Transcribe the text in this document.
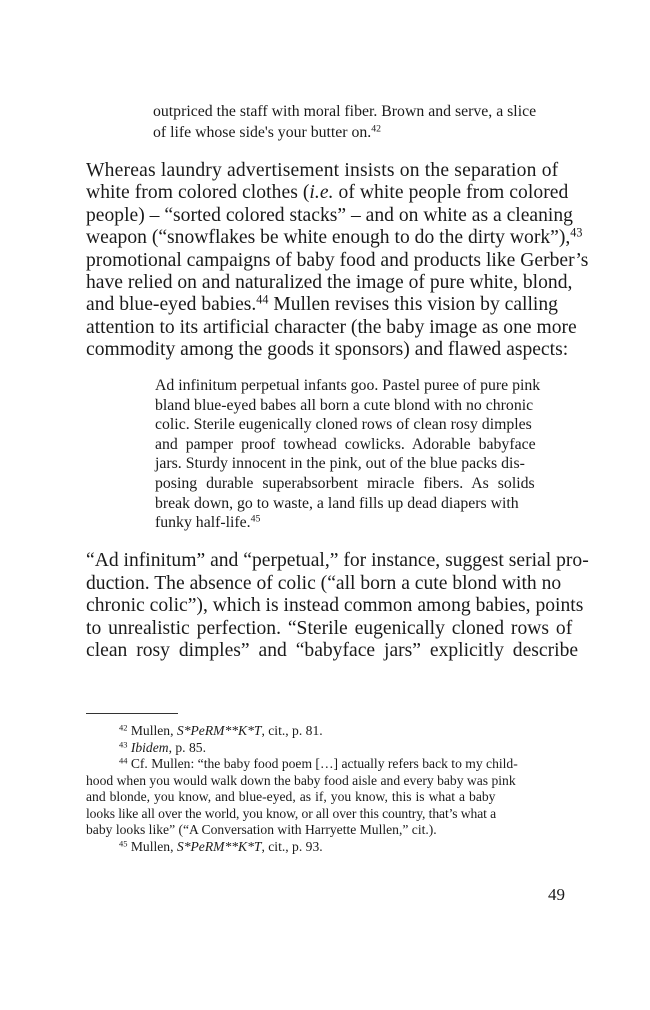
outpriced the staff with moral fiber. Brown and serve, a slice
of life whose side's your butter on.$^{42}$
Whereas laundry advertisement insists on the separation of
white from colored clothes (i.e. of white people from colored
people) – “sorted colored stacks” – and on white as a cleaning
weapon (“snowflakes be white enough to do the dirty work”),$^{43}$
promotional campaigns of baby food and products like Gerber’s
have relied on and naturalized the image of pure white, blond,
and blue-eyed babies.$^{44}$ Mullen revises this vision by calling
attention to its artificial character (the baby image as one more
commodity among the goods it sponsors) and flawed aspects:
Ad infinitum perpetual infants goo. Pastel puree of pure pink
bland blue-eyed babes all born a cute blond with no chronic
colic. Sterile eugenically cloned rows of clean rosy dimples
and pamper proof towhead cowlicks. Adorable babyface
jars. Sturdy innocent in the pink, out of the blue packs dis-
posing durable superabsorbent miracle fibers. As solids
break down, go to waste, a land fills up dead diapers with
funky half-life.$^{45}$
“Ad infinitum” and “perpetual,” for instance, suggest serial pro-
duction. The absence of colic (“all born a cute blond with no
chronic colic”), which is instead common among babies, points
to unrealistic perfection. “Sterile eugenically cloned rows of
clean rosy dimples” and “babyface jars” explicitly describe
$^{42}$ Mullen, S*PeRM**K*T, cit., p. 81.
$^{43}$ Ibidem, p. 85.
$^{44}$ Cf. Mullen: “the baby food poem […] actually refers back to my child-
hood when you would walk down the baby food aisle and every baby was pink
and blonde, you know, and blue-eyed, as if, you know, this is what a baby
looks like all over the world, you know, or all over this country, that’s what a
baby looks like” (“A Conversation with Harryette Mullen,” cit.).
$^{45}$ Mullen, S*PeRM**K*T, cit., p. 93.
49
